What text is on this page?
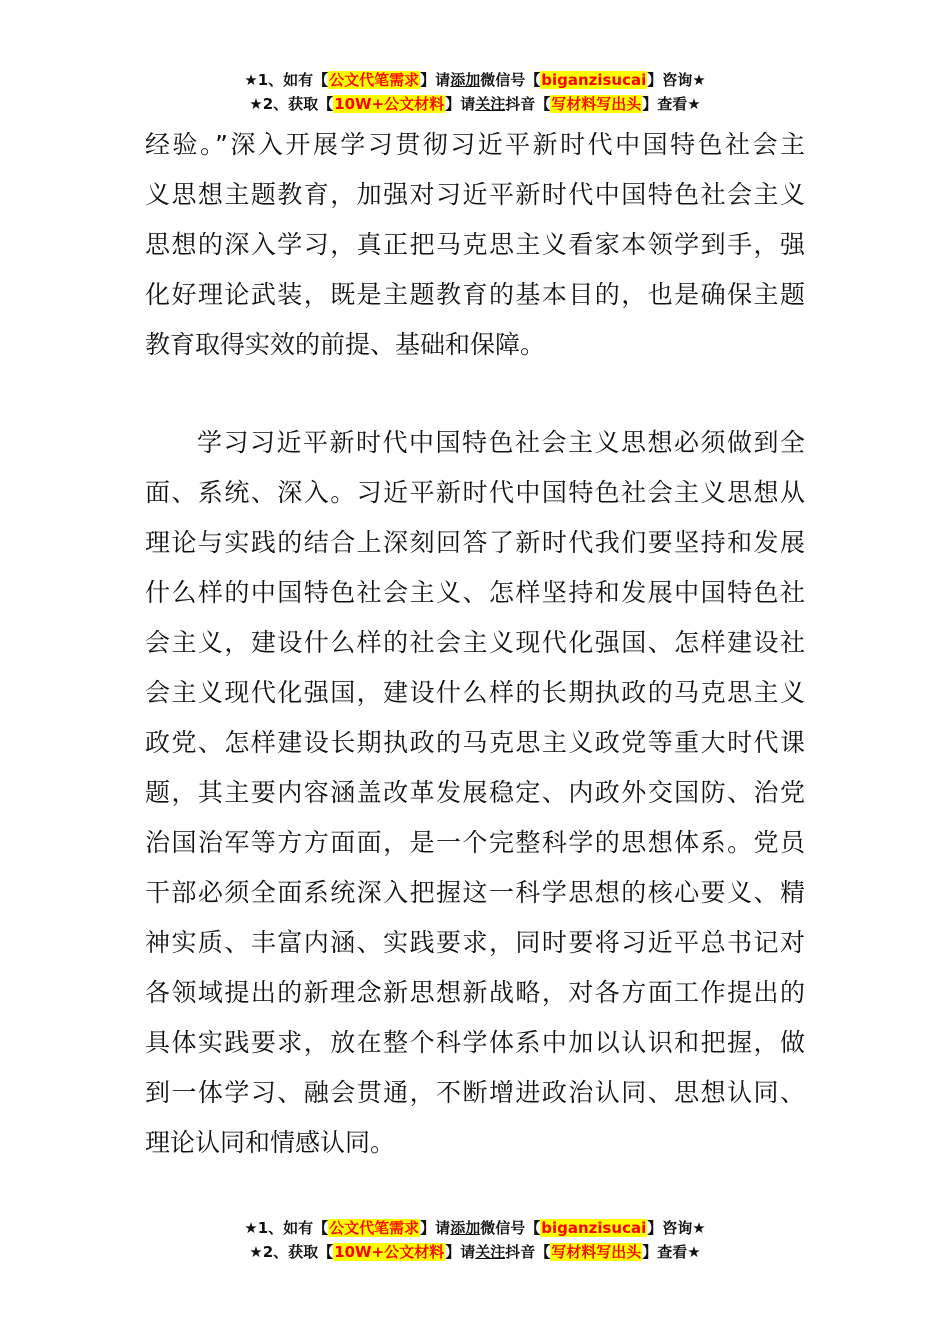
★1、如有【公文代笔需求】请添加微信号【biganzisucai】咨询★
★2、获取【10W+公文材料】请关注抖音【写材料写出头】查看★
经验。”深入开展学习贯彻习近平新时代中国特色社会主
义思想主题教育，加强对习近平新时代中国特色社会主义
思想的深入学习，真正把马克思主义看家本领学到手，强
化好理论武装，既是主题教育的基本目的，也是确保主题
教育取得实效的前提、基础和保障。
学习习近平新时代中国特色社会主义思想必须做到全
面、系统、深入。习近平新时代中国特色社会主义思想从
理论与实践的结合上深刻回答了新时代我们要坚持和发展
什么样的中国特色社会主义、怎样坚持和发展中国特色社
会主义，建设什么样的社会主义现代化强国、怎样建设社
会主义现代化强国，建设什么样的长期执政的马克思主义
政党、怎样建设长期执政的马克思主义政党等重大时代课
题，其主要内容涵盖改革发展稳定、内政外交国防、治党
治国治军等方方面面，是一个完整科学的思想体系。党员
干部必须全面系统深入把握这一科学思想的核心要义、精
神实质、丰富内涵、实践要求，同时要将习近平总书记对
各领域提出的新理念新思想新战略，对各方面工作提出的
具体实践要求，放在整个科学体系中加以认识和把握，做
到一体学习、融会贯通，不断增进政治认同、思想认同、
理论认同和情感认同。
★1、如有【公文代笔需求】请添加微信号【biganzisucai】咨询★
★2、获取【10W+公文材料】请关注抖音【写材料写出头】查看★
